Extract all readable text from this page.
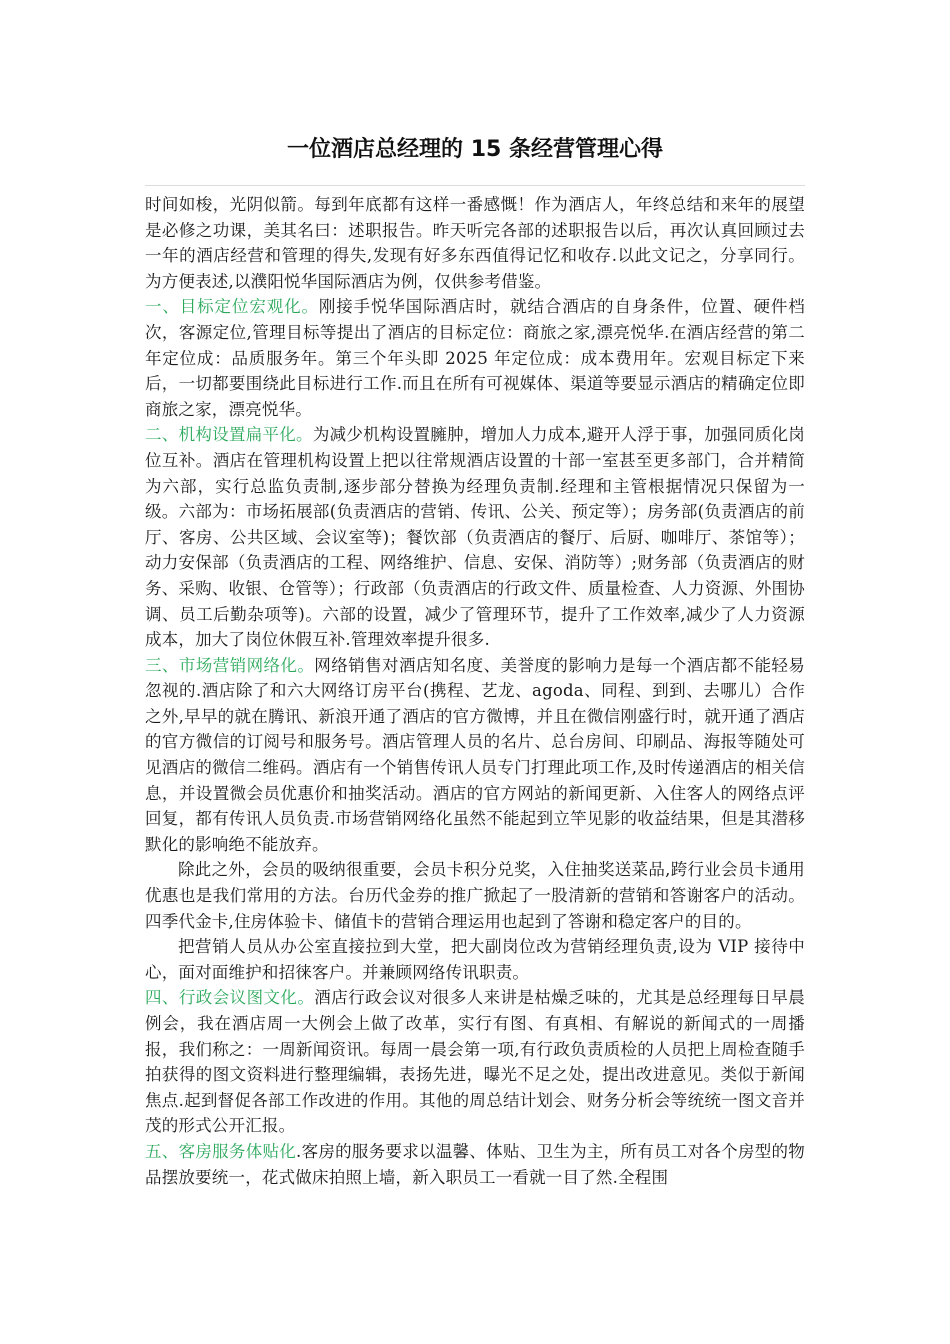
一位酒店总经理的 15 条经营管理心得

时间如梭，光阴似箭。每到年底都有这样一番感慨！作为酒店人，年终总结和来年的展望是必修之功课，美其名曰：述职报告。昨天听完各部的述职报告以后，再次认真回顾过去一年的酒店经营和管理的得失,发现有好多东西值得记忆和收存.以此文记之，分享同行。为方便表述,以濮阳悦华国际酒店为例，仅供参考借鉴。

一、目标定位宏观化。刚接手悦华国际酒店时，就结合酒店的自身条件，位置、硬件档次，客源定位,管理目标等提出了酒店的目标定位：商旅之家,漂亮悦华.在酒店经营的第二年定位成：品质服务年。第三个年头即 2025 年定位成：成本费用年。宏观目标定下来后，一切都要围绕此目标进行工作.而且在所有可视媒体、渠道等要显示酒店的精确定位即商旅之家，漂亮悦华。

二、机构设置扁平化。为减少机构设置臃肿，增加人力成本,避开人浮于事，加强同质化岗位互补。酒店在管理机构设置上把以往常规酒店设置的十部一室甚至更多部门，合并精简为六部，实行总监负责制,逐步部分替换为经理负责制.经理和主管根据情况只保留为一级。六部为：市场拓展部(负责酒店的营销、传讯、公关、预定等）；房务部(负责酒店的前厅、客房、公共区域、会议室等)；餐饮部（负责酒店的餐厅、后厨、咖啡厅、茶馆等）；动力安保部（负责酒店的工程、网络维护、信息、安保、消防等）;财务部（负责酒店的财务、采购、收银、仓管等）；行政部（负责酒店的行政文件、质量检查、人力资源、外围协调、员工后勤杂项等)。六部的设置，减少了管理环节，提升了工作效率,减少了人力资源成本，加大了岗位休假互补.管理效率提升很多.

三、市场营销网络化。网络销售对酒店知名度、美誉度的影响力是每一个酒店都不能轻易忽视的.酒店除了和六大网络订房平台(携程、艺龙、agoda、同程、到到、去哪儿）合作之外,早早的就在腾讯、新浪开通了酒店的官方微博，并且在微信刚盛行时，就开通了酒店的官方微信的订阅号和服务号。酒店管理人员的名片、总台房间、印刷品、海报等随处可见酒店的微信二维码。酒店有一个销售传讯人员专门打理此项工作,及时传递酒店的相关信息，并设置微会员优惠价和抽奖活动。酒店的官方网站的新闻更新、入住客人的网络点评回复，都有传讯人员负责.市场营销网络化虽然不能起到立竿见影的收益结果，但是其潜移默化的影响绝不能放弃。

除此之外，会员的吸纳很重要，会员卡积分兑奖，入住抽奖送菜品,跨行业会员卡通用优惠也是我们常用的方法。台历代金券的推广掀起了一股清新的营销和答谢客户的活动。四季代金卡,住房体验卡、储值卡的营销合理运用也起到了答谢和稳定客户的目的。

把营销人员从办公室直接拉到大堂，把大副岗位改为营销经理负责,设为 VIP 接待中心，面对面维护和招徕客户。并兼顾网络传讯职责。

四、行政会议图文化。酒店行政会议对很多人来讲是枯燥乏味的，尤其是总经理每日早晨例会，我在酒店周一大例会上做了改革，实行有图、有真相、有解说的新闻式的一周播报，我们称之：一周新闻资讯。每周一晨会第一项,有行政负责质检的人员把上周检查随手拍获得的图文资料进行整理编辑，表扬先进，曝光不足之处，提出改进意见。类似于新闻焦点.起到督促各部工作改进的作用。其他的周总结计划会、财务分析会等统统一图文音并茂的形式公开汇报。

五、客房服务体贴化.客房的服务要求以温馨、体贴、卫生为主，所有员工对各个房型的物品摆放要统一，花式做床拍照上墙，新入职员工一看就一目了然.全程围
